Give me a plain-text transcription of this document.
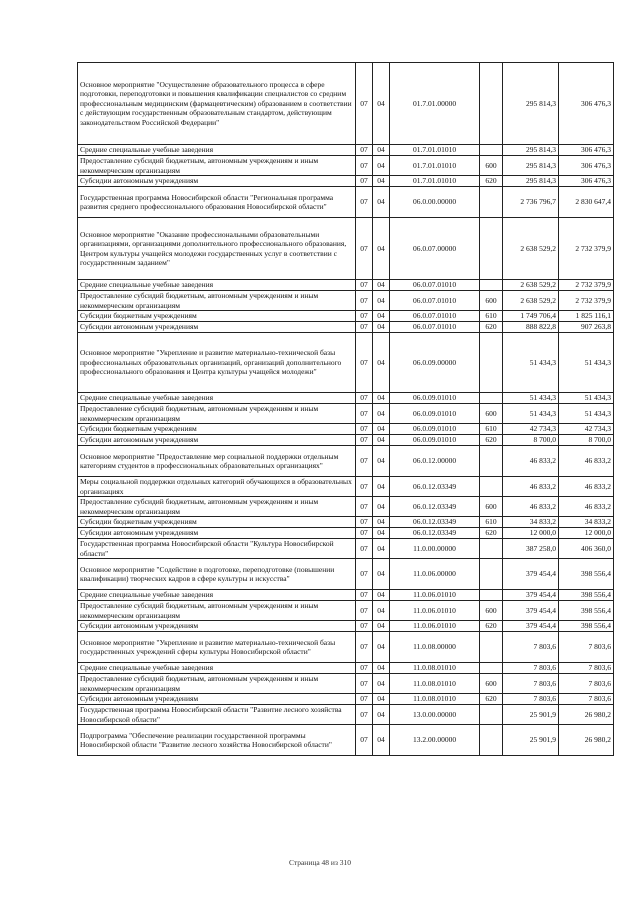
Основное мероприятие "Осуществление образовательного процесса в сфере подготовки, переподготовки и повышения квалификации специалистов со средним профессиональным медицинским (фармацевтическим) образованием в соответствии с действующим государственным образовательным стандартом, действующим законодательством Российской Федерации"	07	04	01.7.01.00000		295 814,3	306 476,3
Средние специальные учебные заведения	07	04	01.7.01.01010		295 814,3	306 476,3
Предоставление субсидий бюджетным, автономным учреждениям и иным некоммерческим организациям	07	04	01.7.01.01010	600	295 814,3	306 476,3
Субсидии автономным учреждениям	07	04	01.7.01.01010	620	295 814,3	306 476,3
Государственная программа Новосибирской области "Региональная программа развития среднего профессионального образования Новосибирской области"	07	04	06.0.00.00000		2 736 796,7	2 830 647,4
Основное мероприятие "Оказание профессиональными образовательными организациями, организациями дополнительного профессионального образования, Центром культуры учащейся молодежи государственных услуг в соответствии с государственным заданием"	07	04	06.0.07.00000		2 638 529,2	2 732 379,9
Средние специальные учебные заведения	07	04	06.0.07.01010		2 638 529,2	2 732 379,9
Предоставление субсидий бюджетным, автономным учреждениям и иным некоммерческим организациям	07	04	06.0.07.01010	600	2 638 529,2	2 732 379,9
Субсидии бюджетным учреждениям	07	04	06.0.07.01010	610	1 749 706,4	1 825 116,1
Субсидии автономным учреждениям	07	04	06.0.07.01010	620	888 822,8	907 263,8
Основное мероприятие "Укрепление и развитие материально-технической базы профессиональных образовательных организаций, организаций дополнительного профессионального образования и Центра культуры учащейся молодежи"	07	04	06.0.09.00000		51 434,3	51 434,3
Средние специальные учебные заведения	07	04	06.0.09.01010		51 434,3	51 434,3
Предоставление субсидий бюджетным, автономным учреждениям и иным некоммерческим организациям	07	04	06.0.09.01010	600	51 434,3	51 434,3
Субсидии бюджетным учреждениям	07	04	06.0.09.01010	610	42 734,3	42 734,3
Субсидии автономным учреждениям	07	04	06.0.09.01010	620	8 700,0	8 700,0
Основное мероприятие "Предоставление мер социальной поддержки отдельным категориям студентов в профессиональных образовательных организациях"	07	04	06.0.12.00000		46 833,2	46 833,2
Меры социальной поддержки отдельных категорий обучающихся в образовательных организациях	07	04	06.0.12.03349		46 833,2	46 833,2
Предоставление субсидий бюджетным, автономным учреждениям и иным некоммерческим организациям	07	04	06.0.12.03349	600	46 833,2	46 833,2
Субсидии бюджетным учреждениям	07	04	06.0.12.03349	610	34 833,2	34 833,2
Субсидии автономным учреждениям	07	04	06.0.12.03349	620	12 000,0	12 000,0
Государственная программа Новосибирской области "Культура Новосибирской области"	07	04	11.0.00.00000		387 258,0	406 360,0
Основное мероприятие "Содействие в подготовке, переподготовке (повышении квалификации) творческих кадров в сфере культуры и искусства"	07	04	11.0.06.00000		379 454,4	398 556,4
Средние специальные учебные заведения	07	04	11.0.06.01010		379 454,4	398 556,4
Предоставление субсидий бюджетным, автономным учреждениям и иным некоммерческим организациям	07	04	11.0.06.01010	600	379 454,4	398 556,4
Субсидии автономным учреждениям	07	04	11.0.06.01010	620	379 454,4	398 556,4
Основное мероприятие "Укрепление и развитие материально-технической базы государственных учреждений сферы культуры Новосибирской области"	07	04	11.0.08.00000		7 803,6	7 803,6
Средние специальные учебные заведения	07	04	11.0.08.01010		7 803,6	7 803,6
Предоставление субсидий бюджетным, автономным учреждениям и иным некоммерческим организациям	07	04	11.0.08.01010	600	7 803,6	7 803,6
Субсидии автономным учреждениям	07	04	11.0.08.01010	620	7 803,6	7 803,6
Государственная программа Новосибирской области "Развитие лесного хозяйства Новосибирской области"	07	04	13.0.00.00000		25 901,9	26 980,2
Подпрограмма "Обеспечение реализации государственной программы Новосибирской области "Развитие лесного хозяйства Новосибирской области"	07	04	13.2.00.00000		25 901,9	26 980,2
Страница 48 из 310
